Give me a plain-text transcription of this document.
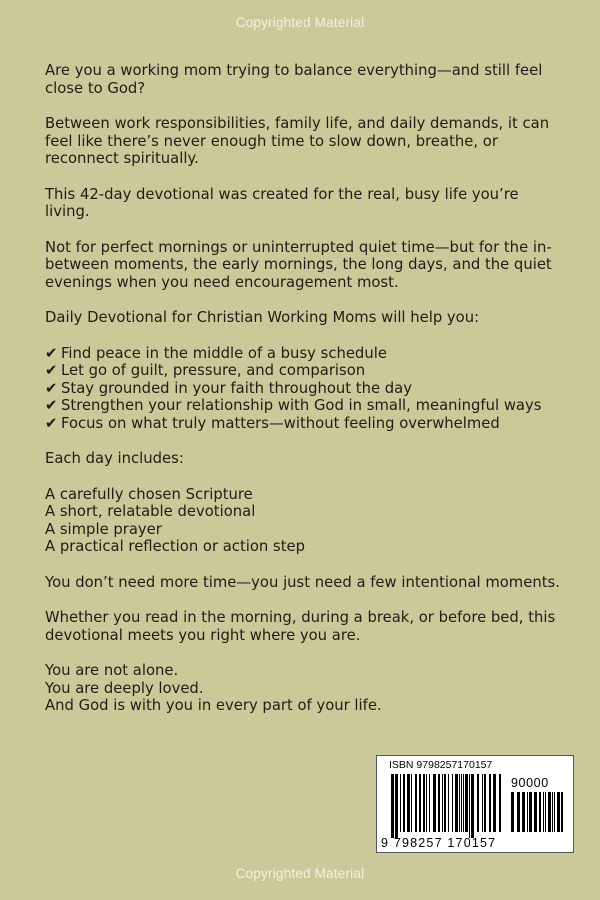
Copyrighted Material

Are you a working mom trying to balance everything—and still feel close to God?

Between work responsibilities, family life, and daily demands, it can feel like there’s never enough time to slow down, breathe, or reconnect spiritually.

This 42-day devotional was created for the real, busy life you’re living.

Not for perfect mornings or uninterrupted quiet time—but for the in-between moments, the early mornings, the long days, and the quiet evenings when you need encouragement most.

Daily Devotional for Christian Working Moms will help you:

✔ Find peace in the middle of a busy schedule
✔ Let go of guilt, pressure, and comparison
✔ Stay grounded in your faith throughout the day
✔ Strengthen your relationship with God in small, meaningful ways
✔ Focus on what truly matters—without feeling overwhelmed

Each day includes:

A carefully chosen Scripture
A short, relatable devotional
A simple prayer
A practical reflection or action step

You don’t need more time—you just need a few intentional moments.

Whether you read in the morning, during a break, or before bed, this devotional meets you right where you are.

You are not alone.
You are deeply loved.
And God is with you in every part of your life.
ISBN 9798257170157
90000
9 798257 170157
Copyrighted Material
